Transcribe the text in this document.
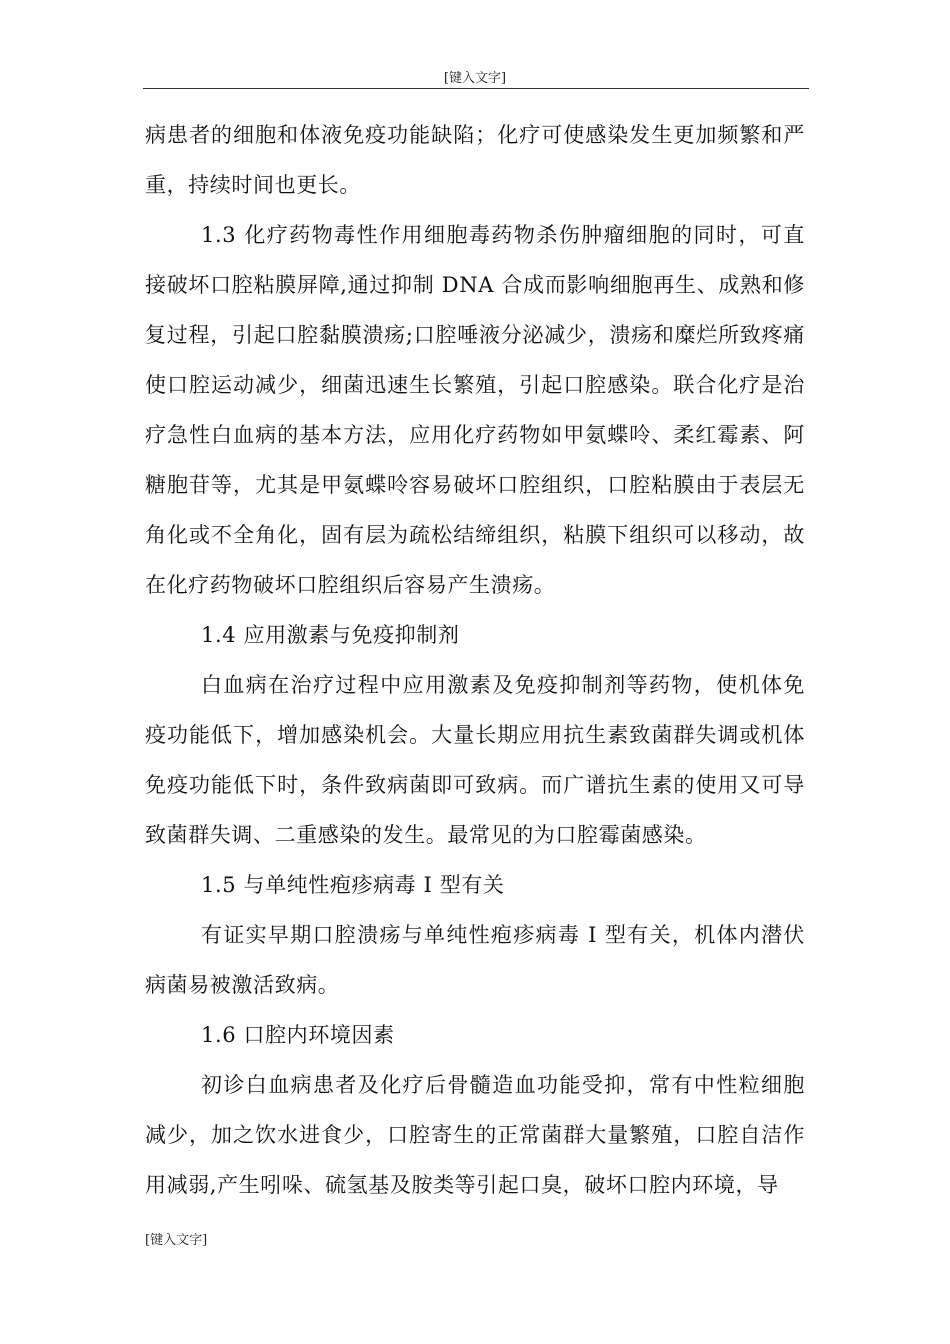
[键入文字]

病患者的细胞和体液免疫功能缺陷；化疗可使感染发生更加频繁和严重，持续时间也更长。

1.3 化疗药物毒性作用细胞毒药物杀伤肿瘤细胞的同时，可直接破坏口腔粘膜屏障,通过抑制 DNA 合成而影响细胞再生、成熟和修复过程，引起口腔黏膜溃疡;口腔唾液分泌减少，溃疡和糜烂所致疼痛使口腔运动减少，细菌迅速生长繁殖，引起口腔感染。联合化疗是治疗急性白血病的基本方法，应用化疗药物如甲氨蝶呤、柔红霉素、阿糖胞苷等，尤其是甲氨蝶呤容易破坏口腔组织，口腔粘膜由于表层无角化或不全角化，固有层为疏松结缔组织，粘膜下组织可以移动，故在化疗药物破坏口腔组织后容易产生溃疡。

1.4 应用激素与免疫抑制剂

白血病在治疗过程中应用激素及免疫抑制剂等药物，使机体免疫功能低下，增加感染机会。大量长期应用抗生素致菌群失调或机体免疫功能低下时，条件致病菌即可致病。而广谱抗生素的使用又可导致菌群失调、二重感染的发生。最常见的为口腔霉菌感染。

1.5 与单纯性疱疹病毒 I 型有关

有证实早期口腔溃疡与单纯性疱疹病毒 I 型有关，机体内潜伏病菌易被激活致病。

1.6 口腔内环境因素

初诊白血病患者及化疗后骨髓造血功能受抑，常有中性粒细胞减少，加之饮水进食少，口腔寄生的正常菌群大量繁殖，口腔自洁作用减弱,产生吲哚、硫氢基及胺类等引起口臭，破坏口腔内环境，导

[键入文字]
